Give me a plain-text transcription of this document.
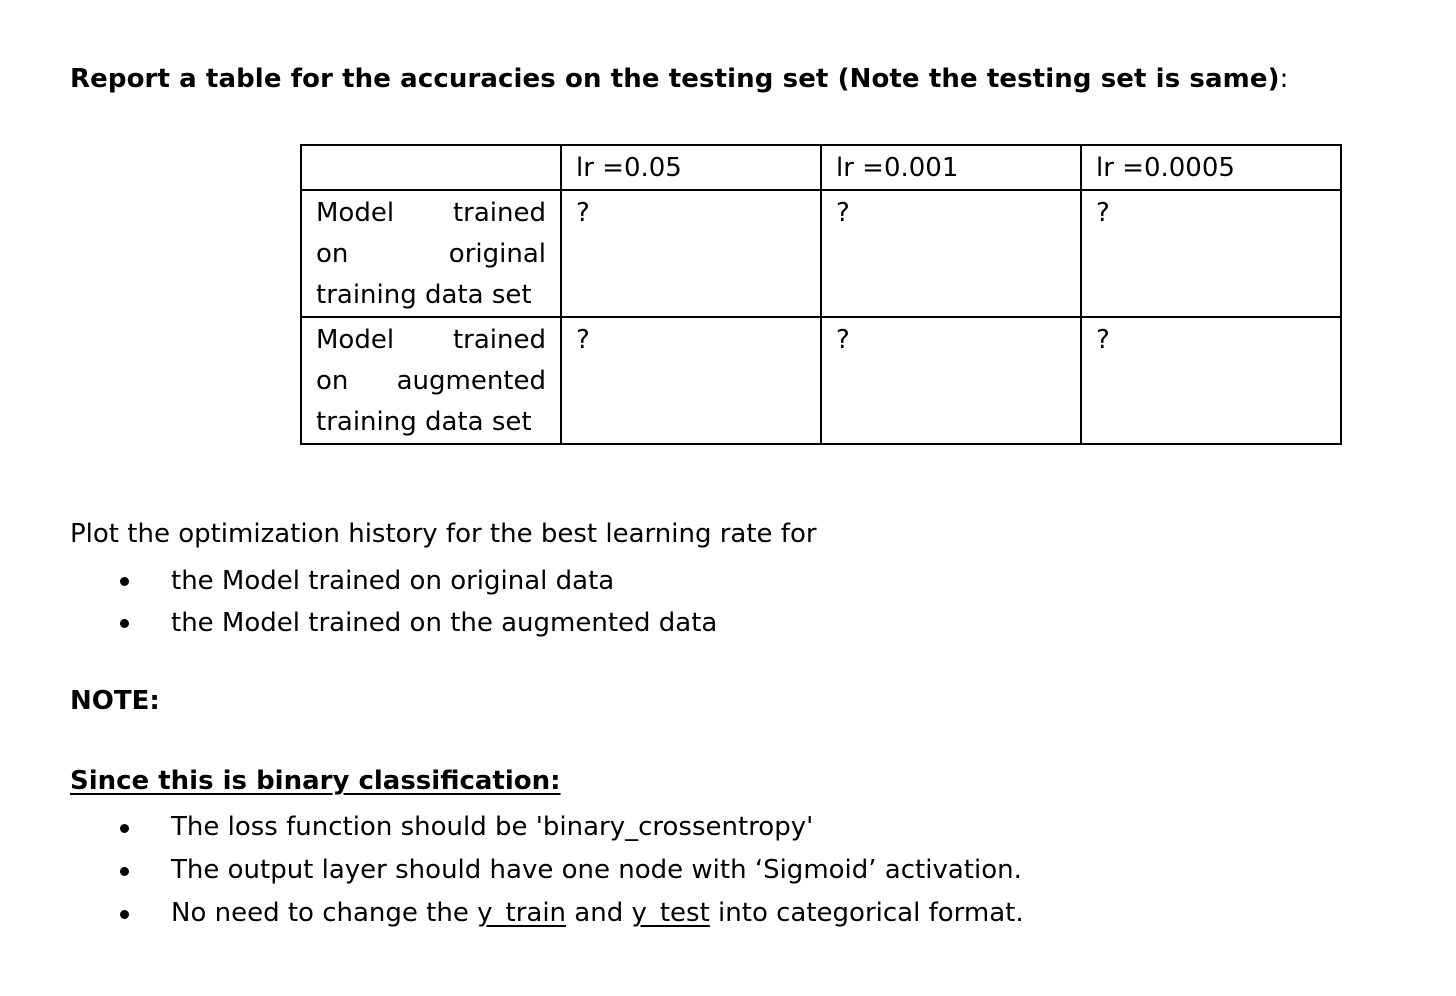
Report a table for the accuracies on the testing set (Note the testing set is same):
	lr =0.05	lr =0.001	lr =0.0005

Model trained
on original
training data set	?	?	?

Model trained
on augmented
training data set	?	?	?
Plot the optimization history for the best learning rate for
the Model trained on original data
the Model trained on the augmented data
NOTE:
Since this is binary classification:
The loss function should be 'binary_crossentropy'
The output layer should have one node with ‘Sigmoid’ activation.
No need to change the y_train and y_test into categorical format.
